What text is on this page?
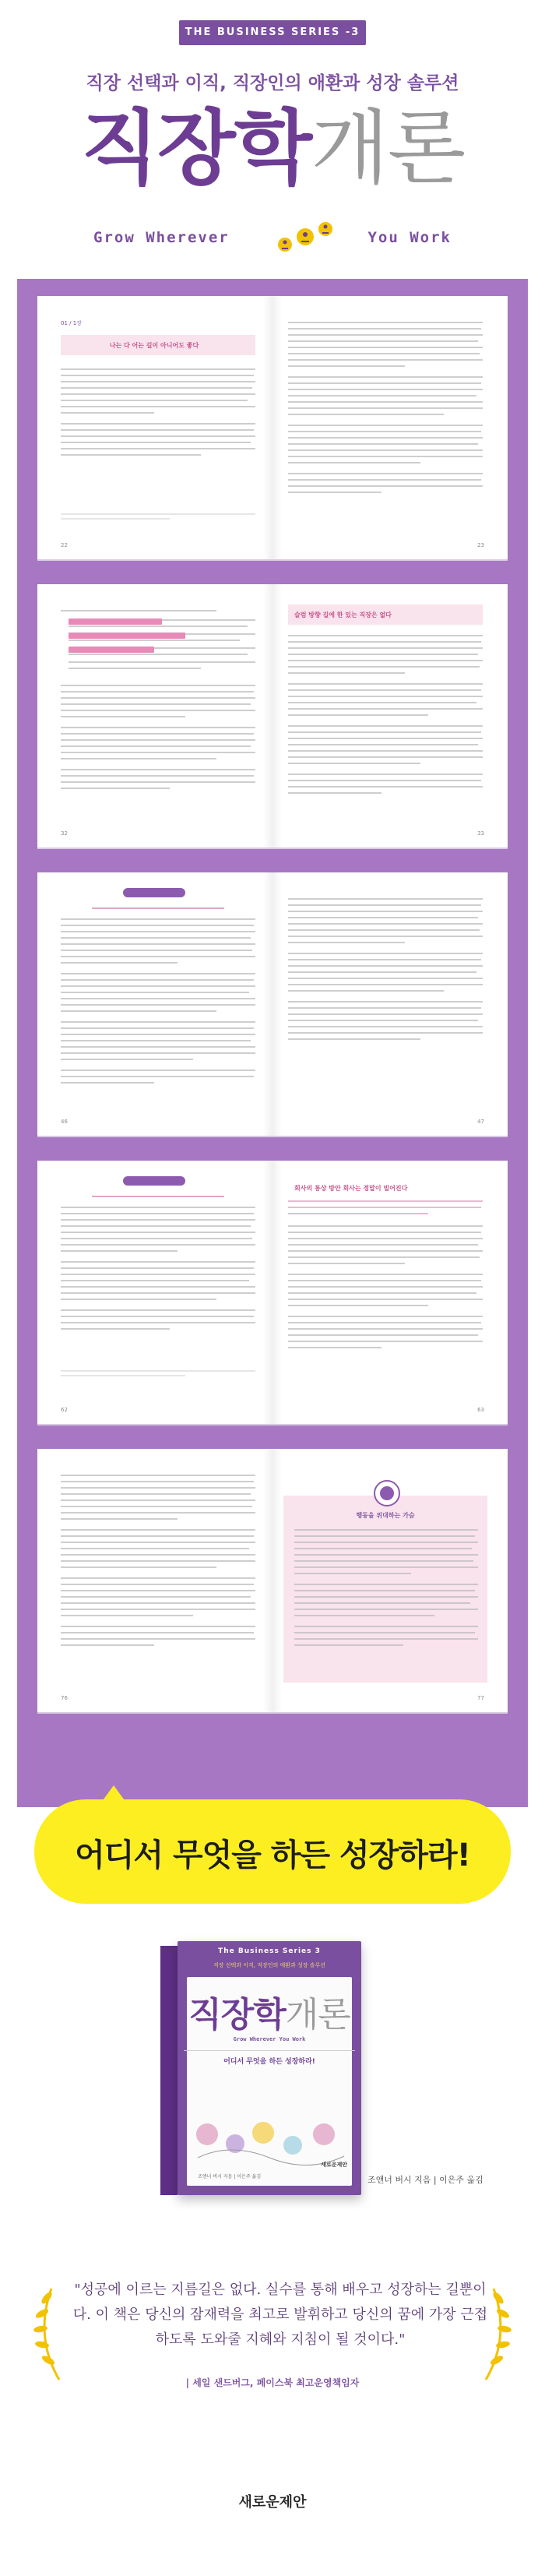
THE BUSINESS SERIES -3
직장 선택과 이직, 직장인의 애환과 성장 솔루션
직장학개론
Grow Wherever	You Work
01 / 1장
나는 다 어는 길이 아니어도 좋다
22	23
슬럼 방향 길에 한 있는 직장은 없다
32	33
46	47
회사의 통상 방안 회사는 정말이 빌어진다
62	63
행동을 위대하는 가슴
76	77
어디서 무엇을 하든 성장하라!
The Business Series 3
직장 선택과 이직, 직장인의 애환과 성장 솔루션
직장학개론
Grow Wherever You Work
어디서 무엇을 하든 성장하라!
새로운제안
조앤너 버시 지음 | 이은주 옮김	조앤너 버시 지음 | 이은주 옮김
"성공에 이르는 지름길은 없다. 실수를 통해 배우고 성장하는 길뿐이다. 이 책은 당신의 잠재력을 최고로 발휘하고 당신의 꿈에 가장 근접하도록 도와줄 지혜와 지침이 될 것이다."
| 세일 샌드버그, 페이스북 최고운영책임자
새로운제안
